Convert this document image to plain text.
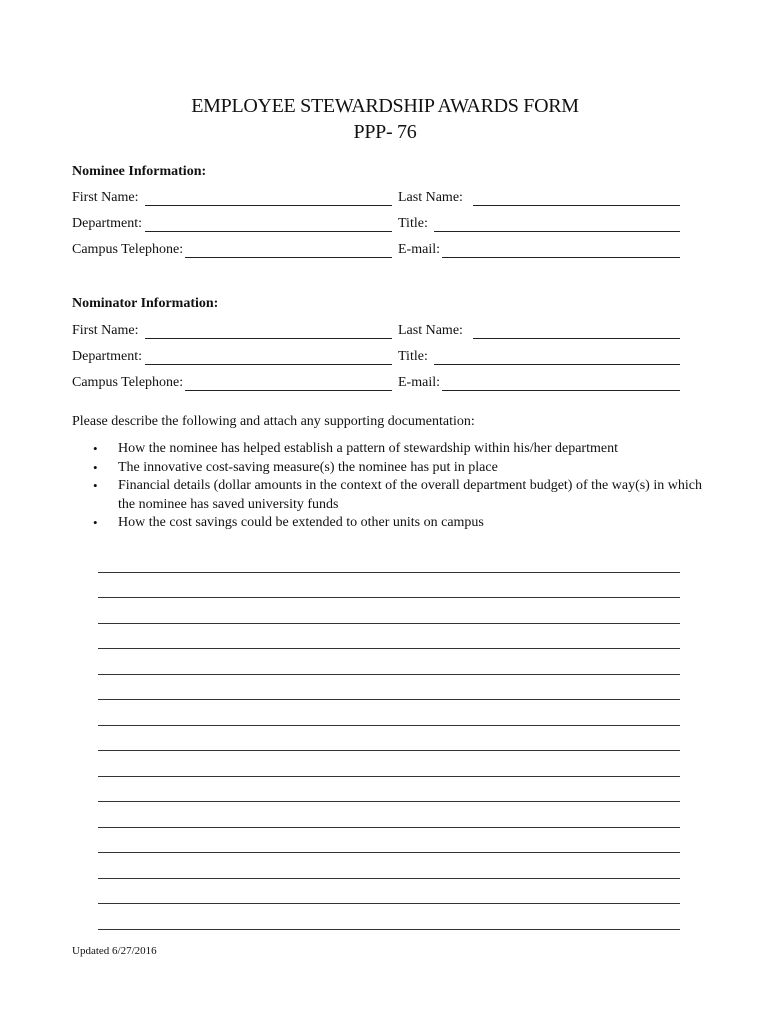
EMPLOYEE STEWARDSHIP AWARDS FORM
PPP- 76
Nominee Information:
First Name:	Last Name:
Department:	Title:
Campus Telephone:	E-mail:
Nominator Information:
First Name:	Last Name:
Department:	Title:
Campus Telephone:	E-mail:
Please describe the following and attach any supporting documentation:
• How the nominee has helped establish a pattern of stewardship within his/her department
• The innovative cost-saving measure(s) the nominee has put in place
• Financial details (dollar amounts in the context of the overall department budget) of the way(s) in which the nominee has saved university funds
• How the cost savings could be extended to other units on campus
Updated 6/27/2016
